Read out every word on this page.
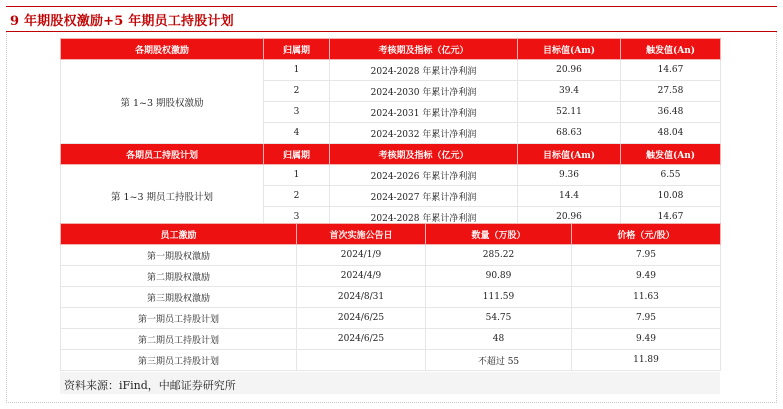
9 年期股权激励+5 年期员工持股计划
各期股权激励	归属期	考核期及指标（亿元）	目标值(Am)	触发值(An)
第 1~3 期股权激励	1	2024-2028 年累计净利润	20.96	14.67
	2	2024-2030 年累计净利润	39.4	27.58
	3	2024-2031 年累计净利润	52.11	36.48
	4	2024-2032 年累计净利润	68.63	48.04
各期员工持股计划	归属期	考核期及指标（亿元）	目标值(Am)	触发值(An)
第 1~3 期员工持股计划	1	2024-2026 年累计净利润	9.36	6.55
	2	2024-2027 年累计净利润	14.4	10.08
	3	2024-2028 年累计净利润	20.96	14.67
员工激励	首次实施公告日	数量（万股）	价格（元/股）
第一期股权激励	2024/1/9	285.22	7.95
第二期股权激励	2024/4/9	90.89	9.49
第三期股权激励	2024/8/31	111.59	11.63
第一期员工持股计划	2024/6/25	54.75	7.95
第二期员工持股计划	2024/6/25	48	9.49
第三期员工持股计划		不超过 55	11.89
资料来源：iFind，中邮证券研究所
